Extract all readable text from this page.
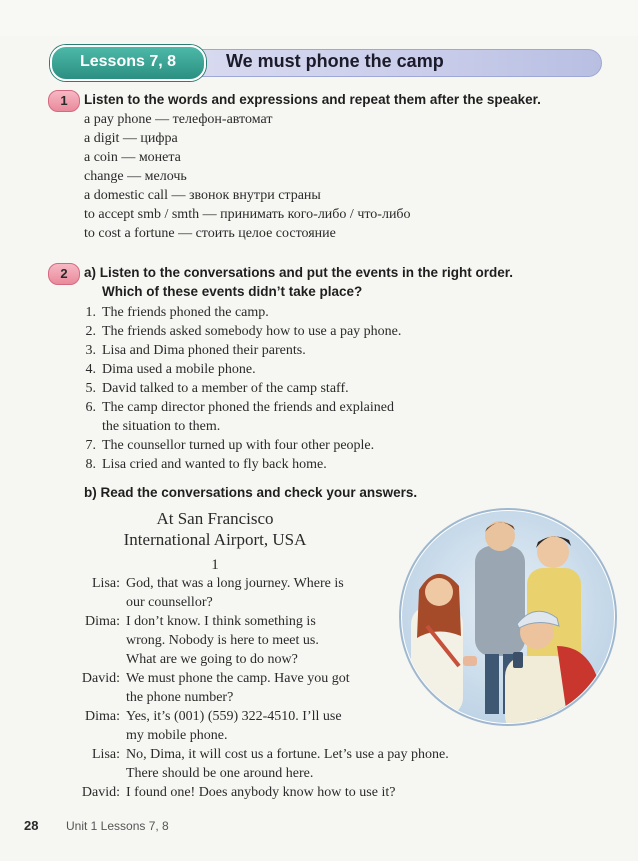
We must phone the camp
Lessons 7, 8
1	Listen to the words and expressions and repeat them after the speaker.
a pay phone — телефон-автомат
a digit — цифра
a coin — монета
change — мелочь
a domestic call — звонок внутри страны
to accept smb / smth — принимать кого-либо / что-либо
to cost a fortune — стоить целое состояние
2	a) Listen to the conversations and put the events in the right order.
Which of these events didn’t take place?
1. The friends phoned the camp.
2. The friends asked somebody how to use a pay phone.
3. Lisa and Dima phoned their parents.
4. Dima used a mobile phone.
5. David talked to a member of the camp staff.
6. The camp director phoned the friends and explained
the situation to them.
7. The counsellor turned up with four other people.
8. Lisa cried and wanted to fly back home.
b) Read the conversations and check your answers.
At San Francisco
International Airport, USA
1
Lisa: God, that was a long journey. Where is
our counsellor?
Dima: I don’t know. I think something is
wrong. Nobody is here to meet us.
What are we going to do now?
David: We must phone the camp. Have you got
the phone number?
Dima: Yes, it’s (001) (559) 322-4510. I’ll use
my mobile phone.
Lisa: No, Dima, it will cost us a fortune. Let’s use a pay phone.
There should be one around here.
David: I found one! Does anybody know how to use it?
28 Unit 1 Lessons 7, 8
